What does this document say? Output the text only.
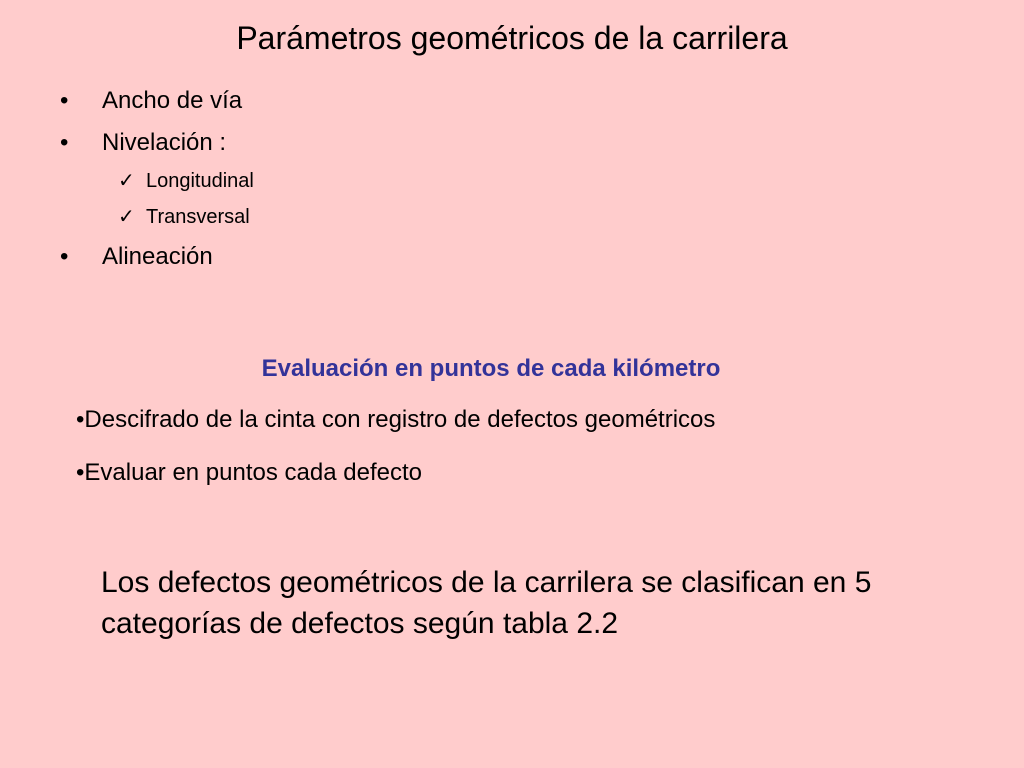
Parámetros geométricos de la carrilera
•	Ancho de vía
•	Nivelación :
✓ Longitudinal
✓ Transversal
•	Alineación
Evaluación en puntos de cada kilómetro
•Descifrado de la cinta con registro de defectos geométricos
•Evaluar en puntos cada defecto

Los defectos geométricos de la carrilera se clasifican en 5 categorías de defectos según tabla 2.2
